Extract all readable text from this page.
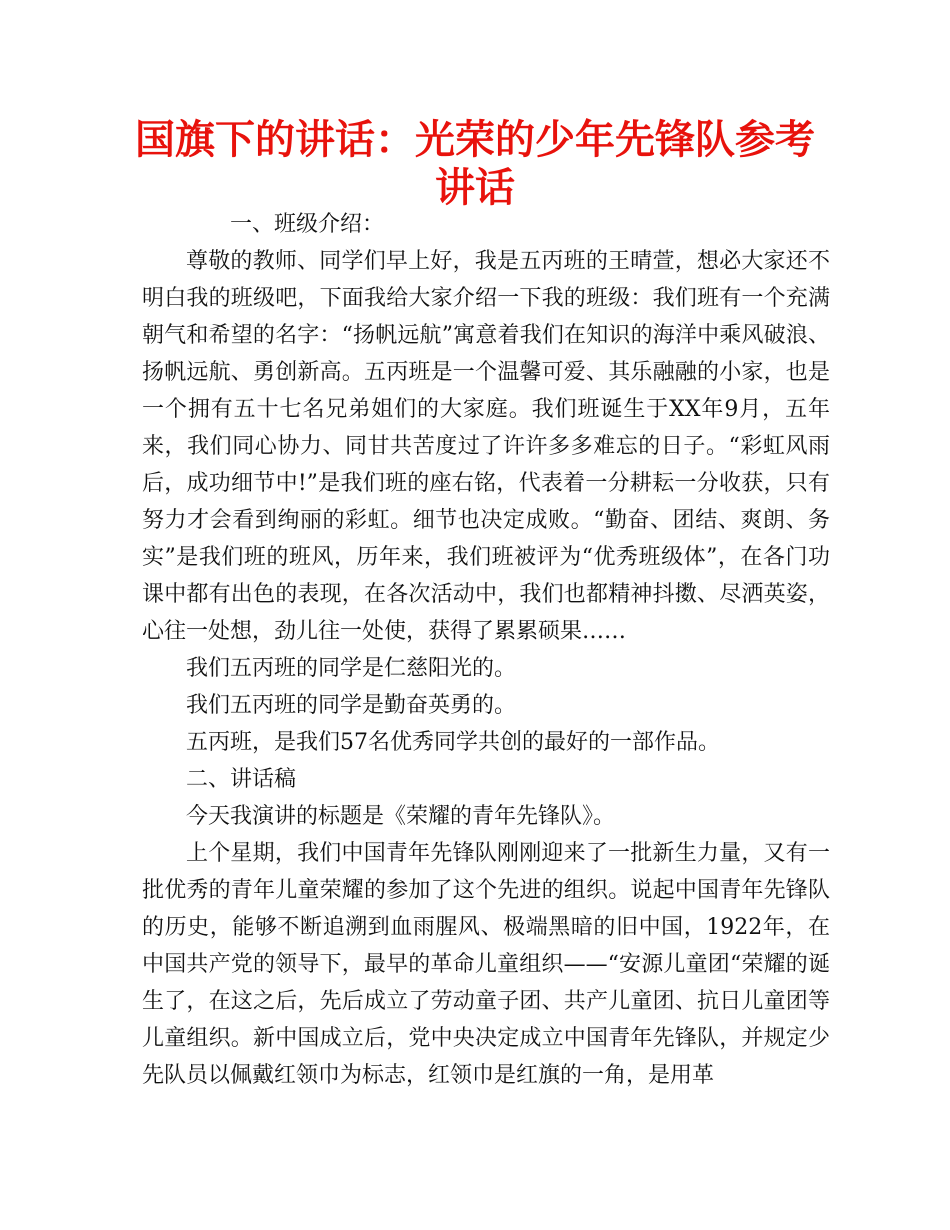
国旗下的讲话：光荣的少年先锋队参考讲话

一、班级介绍：

尊敬的教师、同学们早上好，我是五丙班的王晴萱，想必大家还不明白我的班级吧，下面我给大家介绍一下我的班级：我们班有一个充满朝气和希望的名字：“扬帆远航”寓意着我们在知识的海洋中乘风破浪、扬帆远航、勇创新高。五丙班是一个温馨可爱、其乐融融的小家，也是一个拥有五十七名兄弟姐们的大家庭。我们班诞生于XX年9月，五年来，我们同心协力、同甘共苦度过了许许多多难忘的日子。“彩虹风雨后，成功细节中!”是我们班的座右铭，代表着一分耕耘一分收获，只有努力才会看到绚丽的彩虹。细节也决定成败。“勤奋、团结、爽朗、务实”是我们班的班风，历年来，我们班被评为“优秀班级体”，在各门功课中都有出色的表现，在各次活动中，我们也都精神抖擞、尽洒英姿，心往一处想，劲儿往一处使，获得了累累硕果……

我们五丙班的同学是仁慈阳光的。

我们五丙班的同学是勤奋英勇的。

五丙班，是我们57名优秀同学共创的最好的一部作品。

二、讲话稿

今天我演讲的标题是《荣耀的青年先锋队》。

上个星期，我们中国青年先锋队刚刚迎来了一批新生力量，又有一批优秀的青年儿童荣耀的参加了这个先进的组织。说起中国青年先锋队的历史，能够不断追溯到血雨腥风、极端黑暗的旧中国，1922年，在中国共产党的领导下，最早的革命儿童组织——“安源儿童团“荣耀的诞生了，在这之后，先后成立了劳动童子团、共产儿童团、抗日儿童团等儿童组织。新中国成立后，党中央决定成立中国青年先锋队，并规定少先队员以佩戴红领巾为标志，红领巾是红旗的一角，是用革
